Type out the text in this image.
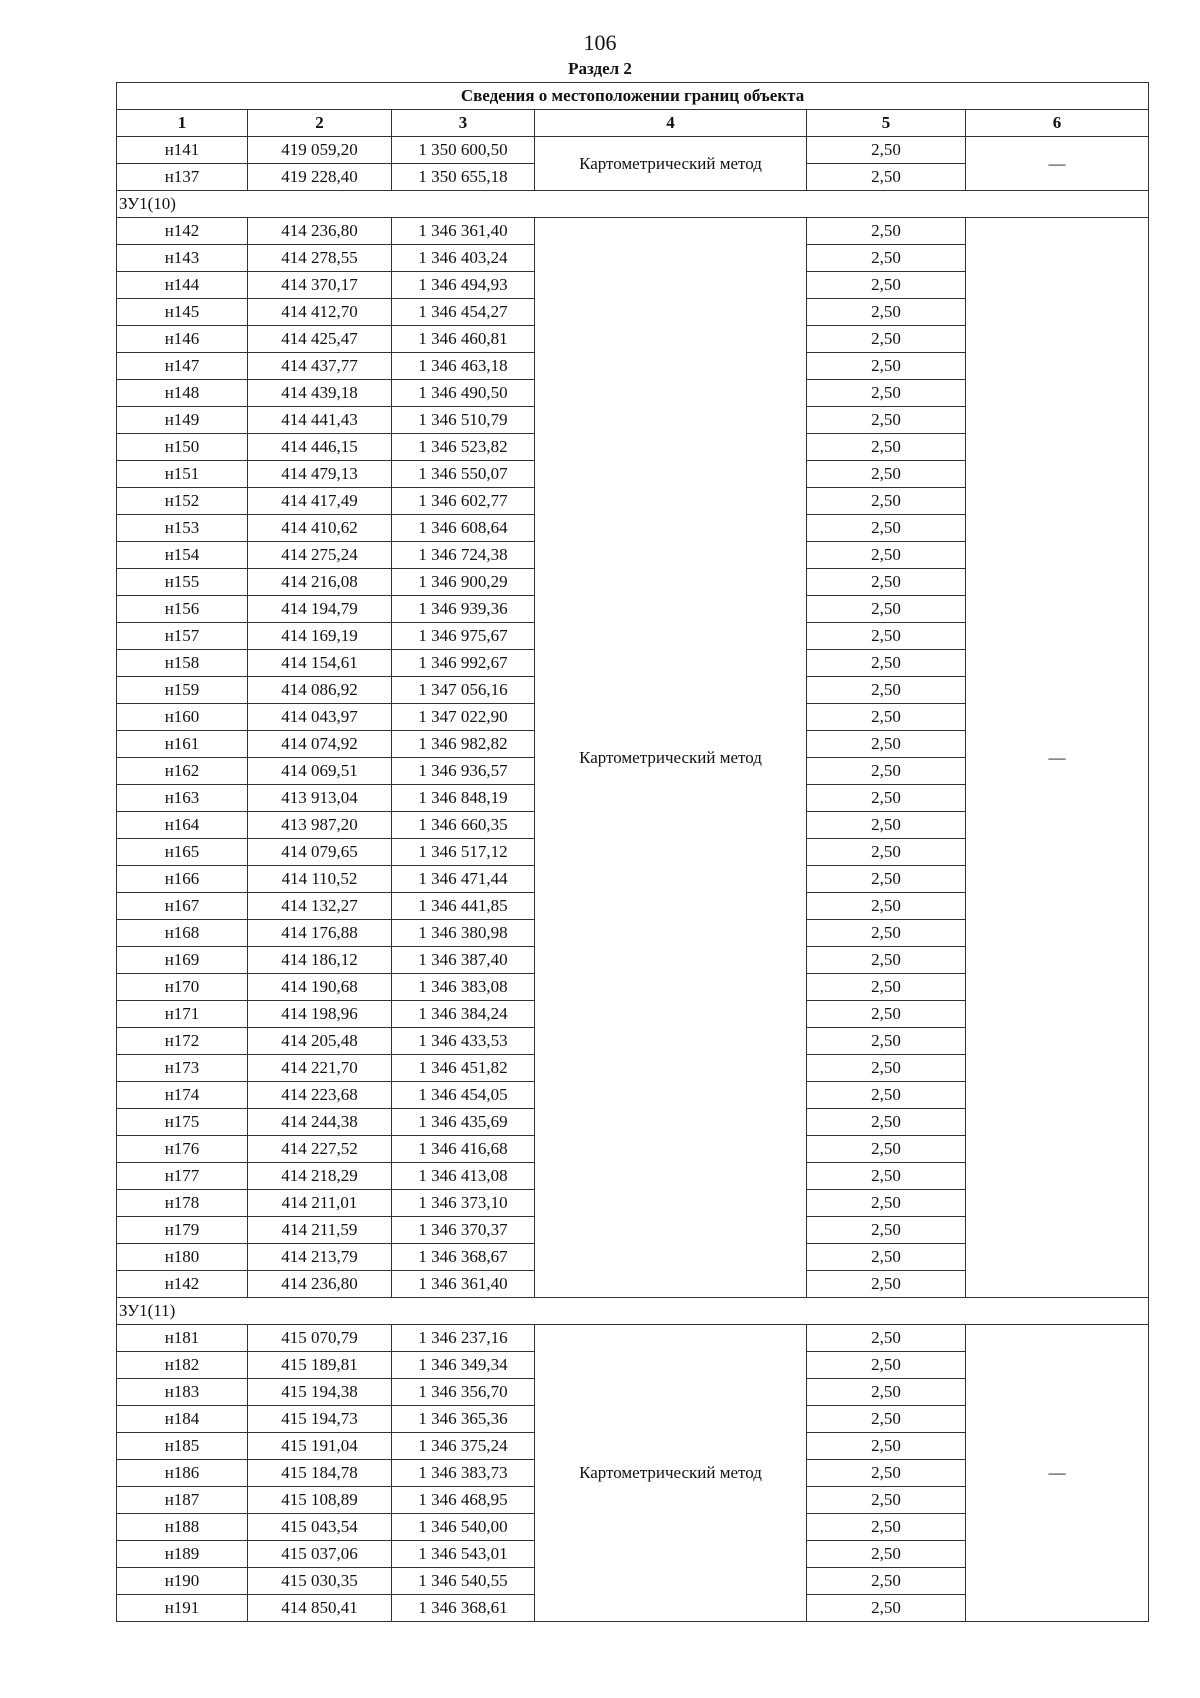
106
Раздел 2
Сведения о местоположении границ объекта					
1	2	3	4	5	6
н141	419 059,20	1 350 600,50	Картометрический метод	2,50	—
н137	419 228,40	1 350 655,18		2,50	
ЗУ1(10)					
н142	414 236,80	1 346 361,40	Картометрический метод	2,50	—
н143	414 278,55	1 346 403,24		2,50	
н144	414 370,17	1 346 494,93		2,50	
н145	414 412,70	1 346 454,27		2,50	
н146	414 425,47	1 346 460,81		2,50	
н147	414 437,77	1 346 463,18		2,50	
н148	414 439,18	1 346 490,50		2,50	
н149	414 441,43	1 346 510,79		2,50	
н150	414 446,15	1 346 523,82		2,50	
н151	414 479,13	1 346 550,07		2,50	
н152	414 417,49	1 346 602,77		2,50	
н153	414 410,62	1 346 608,64		2,50	
н154	414 275,24	1 346 724,38		2,50	
н155	414 216,08	1 346 900,29		2,50	
н156	414 194,79	1 346 939,36		2,50	
н157	414 169,19	1 346 975,67		2,50	
н158	414 154,61	1 346 992,67		2,50	
н159	414 086,92	1 347 056,16		2,50	
н160	414 043,97	1 347 022,90		2,50	
н161	414 074,92	1 346 982,82		2,50	
н162	414 069,51	1 346 936,57		2,50	
н163	413 913,04	1 346 848,19		2,50	
н164	413 987,20	1 346 660,35		2,50	
н165	414 079,65	1 346 517,12		2,50	
н166	414 110,52	1 346 471,44		2,50	
н167	414 132,27	1 346 441,85		2,50	
н168	414 176,88	1 346 380,98		2,50	
н169	414 186,12	1 346 387,40		2,50	
н170	414 190,68	1 346 383,08		2,50	
н171	414 198,96	1 346 384,24		2,50	
н172	414 205,48	1 346 433,53		2,50	
н173	414 221,70	1 346 451,82		2,50	
н174	414 223,68	1 346 454,05		2,50	
н175	414 244,38	1 346 435,69		2,50	
н176	414 227,52	1 346 416,68		2,50	
н177	414 218,29	1 346 413,08		2,50	
н178	414 211,01	1 346 373,10		2,50	
н179	414 211,59	1 346 370,37		2,50	
н180	414 213,79	1 346 368,67		2,50	
н142	414 236,80	1 346 361,40		2,50	
ЗУ1(11)					
н181	415 070,79	1 346 237,16	Картометрический метод	2,50	—
н182	415 189,81	1 346 349,34		2,50	
н183	415 194,38	1 346 356,70		2,50	
н184	415 194,73	1 346 365,36		2,50	
н185	415 191,04	1 346 375,24		2,50	
н186	415 184,78	1 346 383,73		2,50	
н187	415 108,89	1 346 468,95		2,50	
н188	415 043,54	1 346 540,00		2,50	
н189	415 037,06	1 346 543,01		2,50	
н190	415 030,35	1 346 540,55		2,50	
н191	414 850,41	1 346 368,61		2,50	
